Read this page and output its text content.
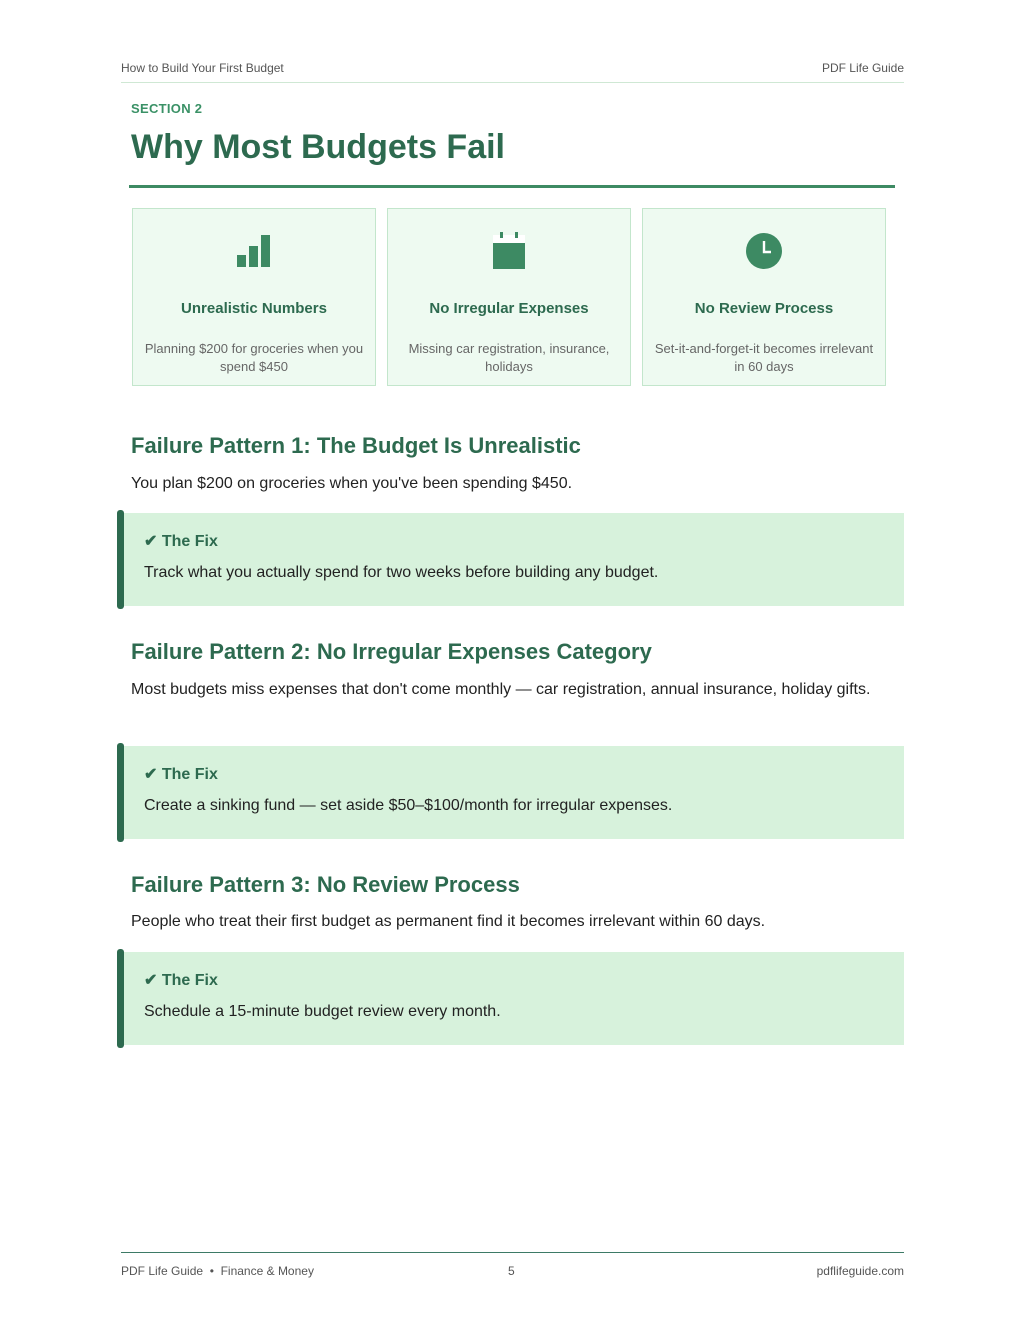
How to Build Your First Budget	PDF Life Guide
SECTION 2
Why Most Budgets Fail
Unrealistic Numbers
Planning $200 for groceries when you spend $450
No Irregular Expenses
Missing car registration, insurance, holidays
No Review Process
Set-it-and-forget-it becomes irrelevant in 60 days
Failure Pattern 1: The Budget Is Unrealistic

You plan $200 on groceries when you've been spending $450.

✔ The Fix
Track what you actually spend for two weeks before building any budget.
Failure Pattern 2: No Irregular Expenses Category

Most budgets miss expenses that don't come monthly — car registration, annual insurance, holiday gifts.

✔ The Fix
Create a sinking fund — set aside $50–$100/month for irregular expenses.
Failure Pattern 3: No Review Process

People who treat their first budget as permanent find it becomes irrelevant within 60 days.

✔ The Fix
Schedule a 15-minute budget review every month.
PDF Life Guide  •  Finance & Money	5	pdflifeguide.com
